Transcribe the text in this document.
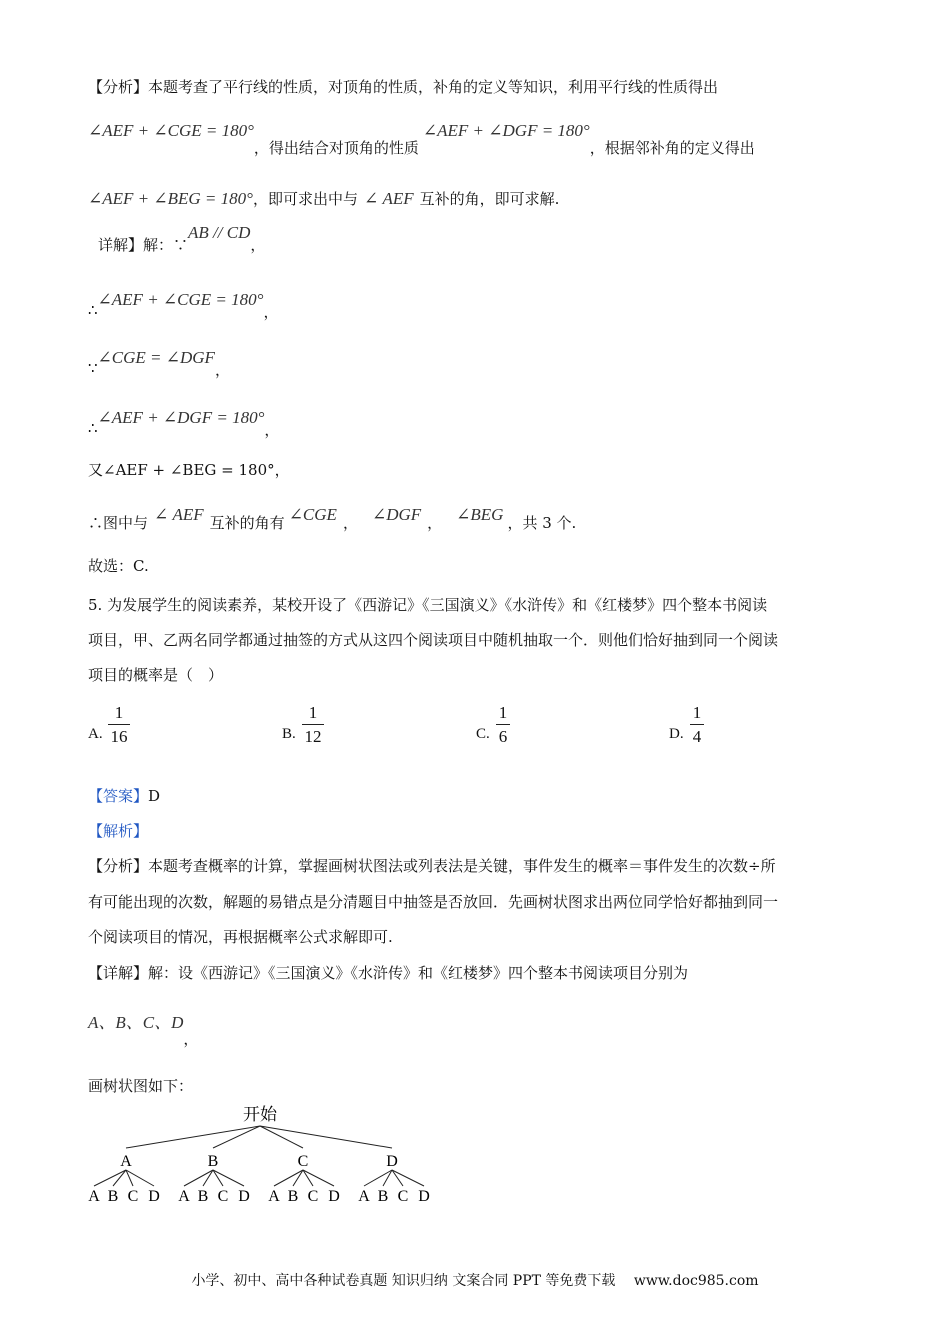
【分析】本题考查了平行线的性质，对顶角的性质，补角的定义等知识，利用平行线的性质得出
∠AEF + ∠CGE = 180°，得出结合对顶角的性质∠AEF + ∠DGF = 180°，根据邻补角的定义得出
∠AEF + ∠BEG = 180°，即可求出中与 ∠ AEF 互补的角，即可求解.
详解】解：∵AB // CD，
∴∠AEF + ∠CGE = 180°，
∵∠CGE = ∠DGF，
∴∠AEF + ∠DGF = 180°，
又∠AEF + ∠BEG = 180°，
∴图中与 ∠ AEF 互补的角有 ∠CGE ， ∠DGF ， ∠BEG ，共 3 个.
故选：C.
5. 为发展学生的阅读素养，某校开设了《西游记》《三国演义》《水浒传》和《红楼梦》四个整本书阅读
项目，甲、乙两名同学都通过抽签的方式从这四个阅读项目中随机抽取一个．则他们恰好抽到同一个阅读
项目的概率是（　）
A.
1
16	B.
1
12	C.
1
6	D.
1
4
【答案】D
【解析】
【分析】本题考查概率的计算，掌握画树状图法或列表法是关键，事件发生的概率＝事件发生的次数÷所
有可能出现的次数，解题的易错点是分清题目中抽签是否放回．先画树状图求出两位同学恰好都抽到同一
个阅读项目的情况，再根据概率公式求解即可.
【详解】解：设《西游记》《三国演义》《水浒传》和《红楼梦》四个整本书阅读项目分别为
A、B、C、D，
画树状图如下：
开始
A	B	C	D
A B C D A B C D A B C D A B C D
小学、初中、高中各种试卷真题 知识归纳 文案合同 PPT 等免费下载　 www.doc985.com
